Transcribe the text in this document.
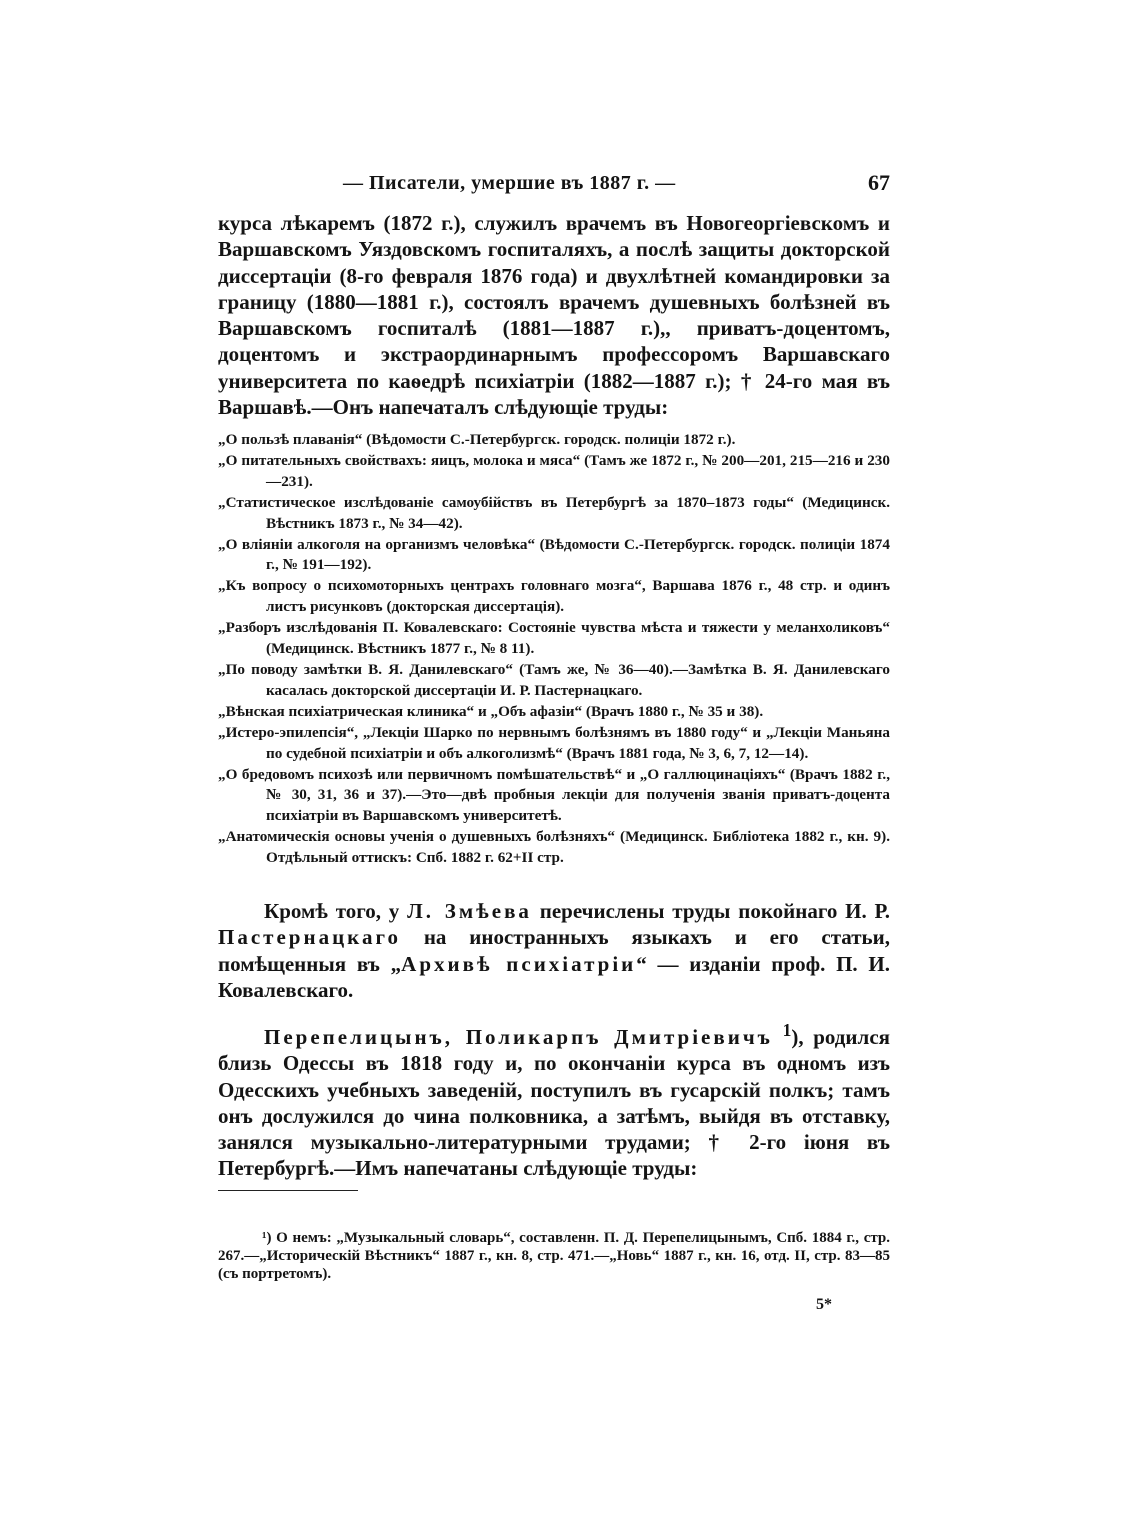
— Писатели, умершие въ 1887 г. —	67

курса лѣкаремъ (1872 г.), служилъ врачемъ въ Новогеоргіевскомъ и Варшавскомъ Уяздовскомъ госпиталяхъ, а послѣ защиты докторской диссертаціи (8-го февраля 1876 года) и двухлѣтней командировки за границу (1880—1881 г.), состоялъ врачемъ душевныхъ болѣзней въ Варшавскомъ госпиталѣ (1881—1887 г.),, приватъ-доцентомъ, доцентомъ и экстраординарнымъ профессоромъ Варшавскаго университета по каѳедрѣ психіатріи (1882—1887 г.); † 24-го мая въ Варшавѣ.—Онъ напечаталъ слѣдующіе труды:

„О пользѣ плаванія“ (Вѣдомости С.-Петербургск. городск. полиціи 1872 г.).

„О питательныхъ свойствахъ: яицъ, молока и мяса“ (Тамъ же 1872 г., № 200—201, 215—216 и 230—231).

„Статистическое изслѣдованіе самоубійствъ въ Петербургѣ за 1870–1873 годы“ (Медицинск. Вѣстникъ 1873 г., № 34—42).

„О вліяніи алкоголя на организмъ человѣка“ (Вѣдомости С.-Петербургск. городск. полиціи 1874 г., № 191—192).

„Къ вопросу о психомоторныхъ центрахъ головнаго мозга“, Варшава 1876 г., 48 стр. и одинъ листъ рисунковъ (докторская диссертація).

„Разборъ изслѣдованія П. Ковалевскаго: Состояніе чувства мѣста и тяжести у меланхоликовъ“ (Медицинск. Вѣстникъ 1877 г., № 8 11).

„По поводу замѣтки В. Я. Данилевскаго“ (Тамъ же, № 36—40).—Замѣтка В. Я. Данилевскаго касалась докторской диссертаціи И. Р. Пастернацкаго.

„Вѣнская психіатрическая клиника“ и „Объ афазіи“ (Врачъ 1880 г., № 35 и 38).

„Истеро-эпилепсія“, „Лекціи Шарко по нервнымъ болѣзнямъ въ 1880 году“ и „Лекціи Маньяна по судебной психіатріи и объ алкоголизмѣ“ (Врачъ 1881 года, № 3, 6, 7, 12—14).

„О бредовомъ психозѣ или первичномъ помѣшательствѣ“ и „О галлюцинаціяхъ“ (Врачъ 1882 г., № 30, 31, 36 и 37).—Это—двѣ пробныя лекціи для полученія званія приватъ-доцента психіатріи въ Варшавскомъ университетѣ.

„Анатомическія основы ученія о душевныхъ болѣзняхъ“ (Медицинск. Библіотека 1882 г., кн. 9). Отдѣльный оттискъ: Спб. 1882 г. 62+II стр.

Кромѣ того, у Л. Змѣева перечислены труды покойнаго И. Р. Пастернацкаго на иностранныхъ языкахъ и его статьи, помѣщенныя въ „Архивѣ психіатріи“ — изданіи проф. П. И. Ковалевскаго.

Перепелицынъ, Поликарпъ Дмитріевичъ $^1$), родился близь Одессы въ 1818 году и, по окончаніи курса въ одномъ изъ Одесскихъ учебныхъ заведеній, поступилъ въ гусарскій полкъ; тамъ онъ дослужился до чина полковника, а затѣмъ, выйдя въ отставку, занялся музыкально-литературными трудами; † 2-го іюня въ Петербургѣ.—Имъ напечатаны слѣдующіе труды:

¹) О немъ: „Музыкальный словарь“, составленн. П. Д. Перепелицынымъ, Спб. 1884 г., стр. 267.—„Историческій Вѣстникъ“ 1887 г., кн. 8, стр. 471.—„Новь“ 1887 г., кн. 16, отд. II, стр. 83—85 (съ портретомъ).

5*
